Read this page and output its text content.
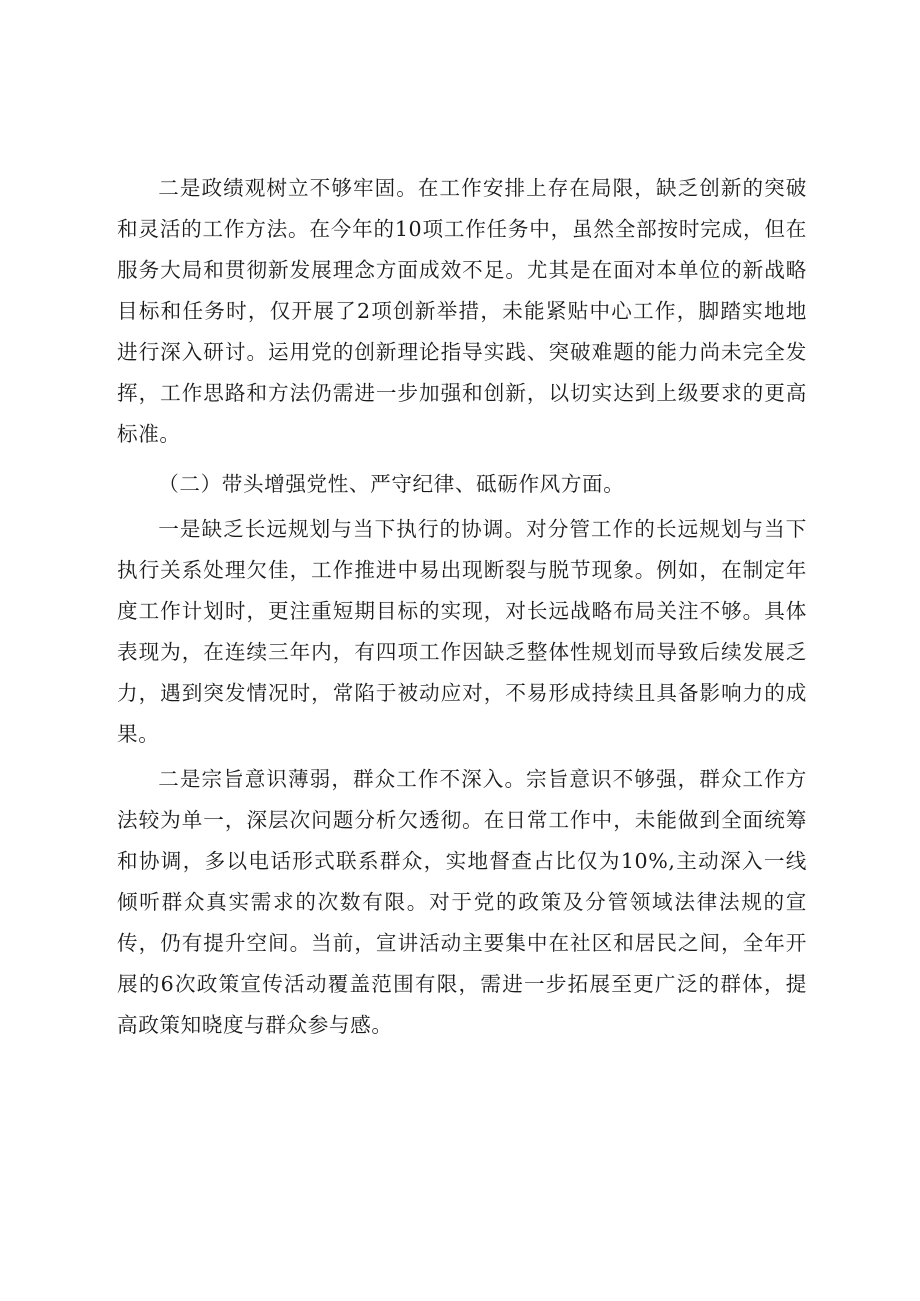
二是政绩观树立不够牢固。在工作安排上存在局限，缺乏创新的突破和灵活的工作方法。在今年的10项工作任务中，虽然全部按时完成，但在服务大局和贯彻新发展理念方面成效不足。尤其是在面对本单位的新战略目标和任务时，仅开展了2项创新举措，未能紧贴中心工作，脚踏实地地进行深入研讨。运用党的创新理论指导实践、突破难题的能力尚未完全发挥，工作思路和方法仍需进一步加强和创新，以切实达到上级要求的更高标准。

（二）带头增强党性、严守纪律、砥砺作风方面。

一是缺乏长远规划与当下执行的协调。对分管工作的长远规划与当下执行关系处理欠佳，工作推进中易出现断裂与脱节现象。例如，在制定年度工作计划时，更注重短期目标的实现，对长远战略布局关注不够。具体表现为，在连续三年内，有四项工作因缺乏整体性规划而导致后续发展乏力，遇到突发情况时，常陷于被动应对，不易形成持续且具备影响力的成果。

二是宗旨意识薄弱，群众工作不深入。宗旨意识不够强，群众工作方法较为单一，深层次问题分析欠透彻。在日常工作中，未能做到全面统筹和协调，多以电话形式联系群众，实地督查占比仅为10%,主动深入一线倾听群众真实需求的次数有限。对于党的政策及分管领域法律法规的宣传，仍有提升空间。当前，宣讲活动主要集中在社区和居民之间，全年开展的6次政策宣传活动覆盖范围有限，需进一步拓展至更广泛的群体，提高政策知晓度与群众参与感。
